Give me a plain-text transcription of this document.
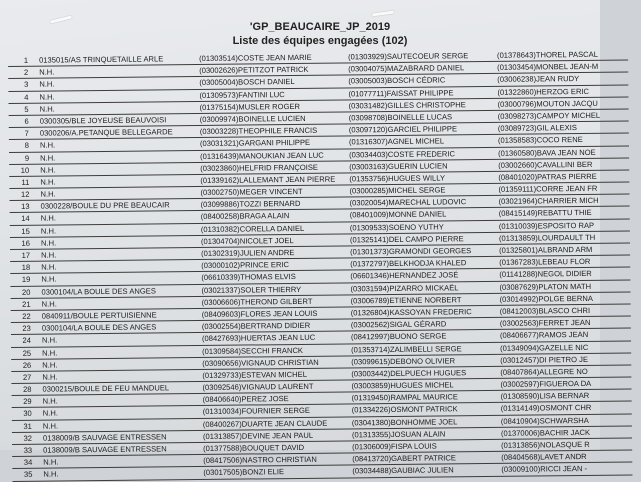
'GP_BEAUCAIRE_JP_2019
Liste des équipes engagées (102)
1 0135015/AS TRINQUETAILLE ARLE	(01303514)COSTE JEAN MARIE	(01303929)SAUTECOEUR SERGE	(01378643)THOREL PASCAL
2 N.H.	(03002626)PETITZOT PATRICK	(03004075)MAZABRARD DANIEL	(01303454)MONBEL JEAN-M
3 N.H.	(03005004)BOSCH DANIEL	(03005003)BOSCH CÉDRIC	(03006238)JEAN RUDY
4 N.H.	(01309573)FANTINI LUC	(01077711)FAISSAT PHILIPPE	(01322860)HERZOG ERIC
5 N.H.	(01375154)MUSLER ROGER	(03031482)GILLES CHRISTOPHE	(03000796)MOUTON JACQU
6 0300305/BLE JOYEUSE BEAUVOISI	(03009974)BOINELLE LUCIEN	(03098708)BOINELLE LUCAS	(03098273)CAMPOY MICHEL
7 0300206/A.PETANQUE BELLEGARDE	(03003228)THEOPHILE FRANCIS	(03097120)GARCIEL PHILIPPE	(03089723)GIL ALEXIS
8 N.H.	(03031321)GARGANI PHILIPPE	(01316307)AGNEL MICHEL	(01358583)COCO RENE
9 N.H.	(01316439)MANOUKIAN JEAN LUC	(03034403)COSTE FREDERIC	(01360580)BAVA JEAN NOE
10 N.H.	(03023860)HELFRID FRANÇOISE	(03003163)GUERIN LUCIEN	(03002660)CAVALLINI BER
11 N.H.	(01339162)LALLEMANT JEAN PIERRE	(01353756)HUGUES WILLY	(08401020)PATRAS PIERRE
12 N.H.	(03002750)MEGER VINCENT	(03000285)MICHEL SERGE	(01359111)CORRE JEAN FR
13 0300228/BOULE DU PRE BEAUCAIR	(03099886)TOZZI BERNARD	(03020054)MARECHAL LUDOVIC	(03021964)CHARRIER MICH
14 N.H.	(08400258)BRAGA ALAIN	(08401009)MONNE DANIEL	(08415149)REBATTU THIE
15 N.H.	(01310382)CORELLA DANIEL	(01309533)SOENO YUTHY	(01310039)ESPOSITO RAP
16 N.H.	(01304704)NICOLET JOEL	(01325141)DEL CAMPO PIERRE	(01313859)LOURDAULT TH
17 N.H.	(01302319)JULIEN ANDRE	(01301373)GRAMONDI GEORGES	(01325801)ALBRAND ARM
18 N.H.	(03000102)PRINCE ERIC	(01372797)BELKHODJA KHALED	(01367283)LEBEAU FLOR
19 N.H.	(06610339)THOMAS ELVIS	(06601346)HERNANDEZ JOSÉ	(01141288)NEGOL DIDIER
20 0300104/LA BOULE DES ANGES	(03021337)SOLER THIERRY	(03031594)PIZARRO MICKAËL	(03087629)PLATON MATH
21 N.H.	(03006606)THEROND GILBERT	(03006789)ETIENNE NORBERT	(03014992)POLGE BERNA
22 0840911/BOULE PERTUISIENNE	(08409603)FLORES JEAN LOUIS	(01326804)KASSOYAN FREDERIC	(08412003)BLASCO CHRI
23 0300104/LA BOULE DES ANGES	(03002554)BERTRAND DIDIER	(03002562)SIGAL GÉRARD	(03002563)FERRET JEAN
24 N.H.	(08427693)HUERTAS JEAN LUC	(08412997)BUONO SERGE	(08406677)RAMOS JEAN
25 N.H.	(01309584)SECCHI FRANCK	(01353714)ZALIMBELLI SERGE	(01349094)GAZELLE NIC
26 N.H.	(03090656)VIGNAUD CHRISTIAN	(03099615)DEBONO OLIVIER	(03012457)DI PIETRO JE
27 N.H.	(01329733)ESTEVAN MICHEL	(03003442)DELPUECH HUGUES	(08407864)ALLEGRE NO
28 0300215/BOULE DE FEU MANDUEL	(03092546)VIGNAUD LAURENT	(03003859)HUGUES MICHEL	(03002597)FIGUEROA DA
29 N.H.	(08406640)PEREZ JOSE	(01319450)RAMPAL MAURICE	(01308590)LISA BERNAR
30 N.H.	(01310034)FOURNIER SERGE	(01334226)OSMONT PATRICK	(01314149)OSMONT CHR
31 N.H.	(08400267)DUARTE JEAN CLAUDE	(03041380)BONHOMME JOEL	(08410904)SCHWARSHA
32 0138009/B SAUVAGE ENTRESSEN	(01313857)DEVINE JEAN PAUL	(01313355)JOSUAN ALAIN	(01370006)BACHIR JACK
33 0138009/B SAUVAGE ENTRESSEN	(01377588)BOUQUET DAVID	(01306009)FISPA LOUIS	(01313856)NOLASQUE R
34 N.H.	(08417506)NASTRO CHRISTIAN	(08413720)GABERT PATRICE	(08404568)LAVET ANDR
35 N.H.	(03017505)BONZI ELIE	(03034488)GAUBIAC JULIEN	(03009100)RICCI JEAN -
